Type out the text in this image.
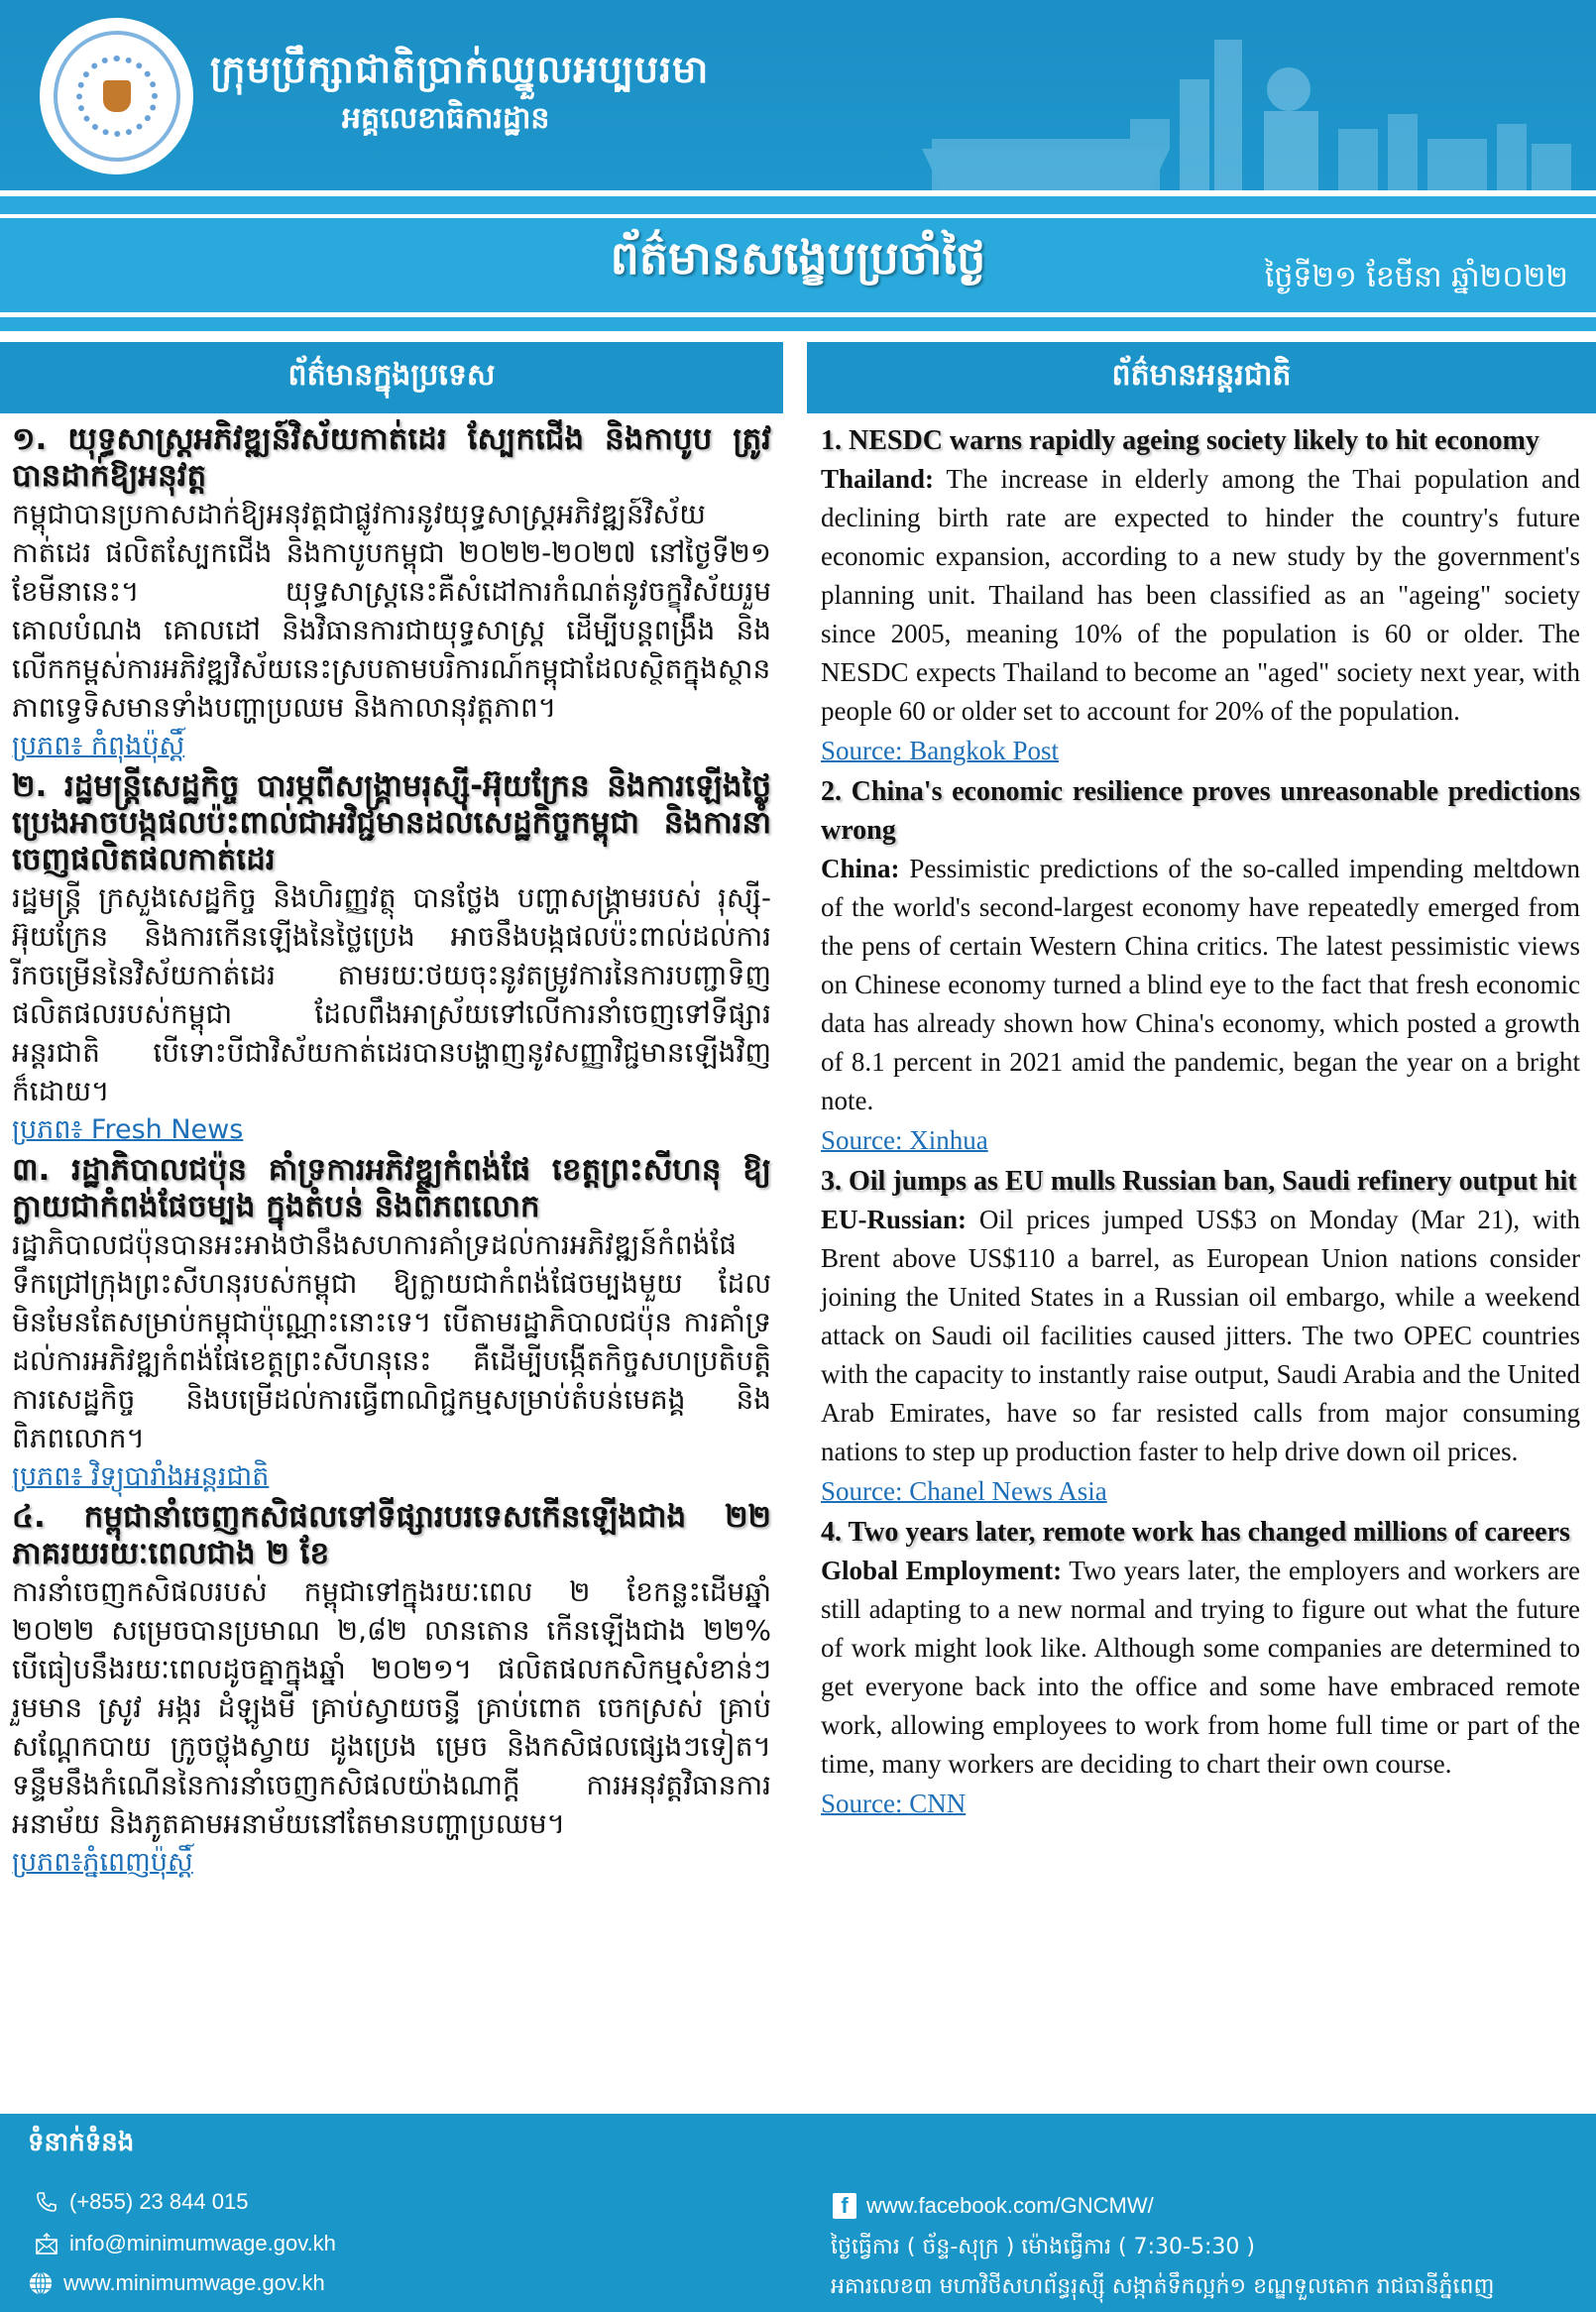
ក្រុមប្រឹក្សាជាតិប្រាក់ឈ្នួលអប្បបរមា
អគ្គលេខាធិការដ្ឋាន
ព័ត៌មានសង្ខេបប្រចាំថ្ងៃ	ថ្ងៃទី២១ ខែមីនា ឆ្នាំ២០២២
ព័ត៌មានក្នុងប្រទេស

១. យុទ្ធសាស្ត្រអភិវឌ្ឍន៍វិស័យកាត់ដេរ ស្បែកជើង និងកាបូប ត្រូវបានដាក់ឱ្យអនុវត្ត

កម្ពុជាបានប្រកាសដាក់ឱ្យអនុវត្តជាផ្លូវការនូវយុទ្ធសាស្ត្រអភិវឌ្ឍន៍វិស័យកាត់ដេរ ផលិតស្បែកជើង និងកាបូបកម្ពុជា ២០២២-២០២៧ នៅថ្ងៃទី២១ ខែមីនានេះ។ យុទ្ធសាស្ត្រនេះគឺសំដៅការកំណត់នូវចក្ខុវិស័យរួម គោលបំណង គោលដៅ និងវិធានការជាយុទ្ធសាស្ត្រ ដើម្បីបន្តពង្រឹង និងលើកកម្ពស់ការអភិវឌ្ឍវិស័យនេះស្របតាមបរិការណ៍កម្ពុជាដែលស្ថិតក្នុងស្ថានភាពទ្វេទិសមានទាំងបញ្ហាប្រឈម និងកាលានុវត្តភាព។

ប្រភព៖ កំពុងប៉ុស្តិ៍

២. រដ្ឋមន្ត្រីសេដ្ឋកិច្ច បារម្ភពីសង្គ្រាមរុស្ស៊ី-អ៊ុយក្រែន និងការឡើងថ្លៃប្រេងអាចបង្កផលប៉ះពាល់ជាអវិជ្ជមានដល់សេដ្ឋកិច្ចកម្ពុជា និងការនាំចេញផលិតផលកាត់ដេរ

រដ្ឋមន្ត្រី ក្រសួងសេដ្ឋកិច្ច និងហិរញ្ញវត្ថុ បានថ្លែង បញ្ហាសង្គ្រាមរបស់ រុស្ស៊ី-អ៊ុយក្រែន និងការកើនឡើងនៃថ្លៃប្រេង អាចនឹងបង្កផលប៉ះពាល់ដល់ការរីកចម្រើននៃវិស័យកាត់ដេរ តាមរយៈថយចុះនូវតម្រូវការនៃការបញ្ជាទិញផលិតផលរបស់កម្ពុជា ដែលពឹងអាស្រ័យទៅលើការនាំចេញទៅទីផ្សារអន្តរជាតិ បើទោះបីជាវិស័យកាត់ដេរបានបង្ហាញនូវសញ្ញាវិជ្ជមានឡើងវិញក៏ដោយ។

ប្រភព៖ Fresh News

៣. រដ្ឋាភិបាលជប៉ុន គាំទ្រការអភិវឌ្ឍកំពង់ផែ ខេត្តព្រះសីហនុ ឱ្យក្លាយជាកំពង់ផែចម្បង ក្នុងតំបន់ និងពិភពលោក

រដ្ឋាភិបាលជប៉ុនបានអះអាងថានឹងសហការគាំទ្រដល់ការអភិវឌ្ឍន៍កំពង់ផែទឹកជ្រៅក្រុងព្រះសីហនុរបស់កម្ពុជា ឱ្យក្លាយជាកំពង់ផែចម្បងមួយ ដែលមិនមែនតែសម្រាប់កម្ពុជាប៉ុណ្ណោះនោះទេ។ បើតាមរដ្ឋាភិបាលជប៉ុន ការគាំទ្រដល់ការអភិវឌ្ឍកំពង់ផែខេត្តព្រះសីហនុនេះ គឺដើម្បីបង្កើតកិច្ចសហប្រតិបត្តិការសេដ្ឋកិច្ច និងបម្រើដល់ការធ្វើពាណិជ្ជកម្មសម្រាប់តំបន់មេគង្គ និងពិភពលោក។

ប្រភព៖ វិទ្យុបារាំងអន្តរជាតិ

៤. កម្ពុជានាំចេញកសិផលទៅទីផ្សារបរទេសកើនឡើងជាង ២២ ភាគរយរយៈពេលជាង ២ ខែ

ការនាំចេញកសិផលរបស់ កម្ពុជាទៅក្នុងរយៈពេល ២ ខែកន្លះដើមឆ្នាំ ២០២២ សម្រេចបានប្រមាណ ២,៨២ លានតោន កើនឡើងជាង ២២% បើធៀបនឹងរយៈពេលដូចគ្នាក្នុងឆ្នាំ ២០២១។ ផលិតផលកសិកម្មសំខាន់ៗ រួមមាន ស្រូវ អង្ករ ដំឡូងមី គ្រាប់ស្វាយចន្ទី គ្រាប់ពោត ចេកស្រស់ គ្រាប់សណ្ដែកបាយ ក្រូចថ្លុងស្វាយ ដូងប្រេង ម្រេច និងកសិផលផ្សេងៗទៀត។ ទន្ទឹមនឹងកំណើននៃការនាំចេញកសិផលយ៉ាងណាក្ដី ការអនុវត្តវិធានការអនាម័យ និងភូតគាមអនាម័យនៅតែមានបញ្ហាប្រឈម។

ប្រភព៖ភ្នំពេញប៉ុស្តិ៍
ព័ត៌មានអន្តរជាតិ

1. NESDC warns rapidly ageing society likely to hit economy

Thailand: The increase in elderly among the Thai population and declining birth rate are expected to hinder the country's future economic expansion, according to a new study by the government's planning unit. Thailand has been classified as an "ageing" society since 2005, meaning 10% of the population is 60 or older. The NESDC expects Thailand to become an "aged" society next year, with people 60 or older set to account for 20% of the population.

Source: Bangkok Post

2. China's economic resilience proves unreasonable predictions wrong

China: Pessimistic predictions of the so-called impending meltdown of the world's second-largest economy have repeatedly emerged from the pens of certain Western China critics. The latest pessimistic views on Chinese economy turned a blind eye to the fact that fresh economic data has already shown how China's economy, which posted a growth of 8.1 percent in 2021 amid the pandemic, began the year on a bright note.

Source: Xinhua

3. Oil jumps as EU mulls Russian ban, Saudi refinery output hit

EU-Russian: Oil prices jumped US$3 on Monday (Mar 21), with Brent above US$110 a barrel, as European Union nations consider joining the United States in a Russian oil embargo, while a weekend attack on Saudi oil facilities caused jitters. The two OPEC countries with the capacity to instantly raise output, Saudi Arabia and the United Arab Emirates, have so far resisted calls from major consuming nations to step up production faster to help drive down oil prices.

Source: Chanel News Asia

4. Two years later, remote work has changed millions of careers

Global Employment: Two years later, the employers and workers are still adapting to a new normal and trying to figure out what the future of work might look like. Although some companies are determined to get everyone back into the office and some have embraced remote work, allowing employees to work from home full time or part of the time, many workers are deciding to chart their own course.

Source: CNN
ទំនាក់ទំនង
(+855) 23 844 015
info@minimumwage.gov.kh
www.minimumwage.gov.kh
f www.facebook.com/GNCMW/
ថ្ងៃធ្វើការ ( ច័ន្ទ-សុក្រ ) ម៉ោងធ្វើការ ( 7:30-5:30 )
អគារលេខ៣ មហាវិថីសហព័ន្ធរុស្ស៊ី សង្កាត់ទឹកល្អក់១ ខណ្ឌទួលគោក រាជធានីភ្នំពេញ
